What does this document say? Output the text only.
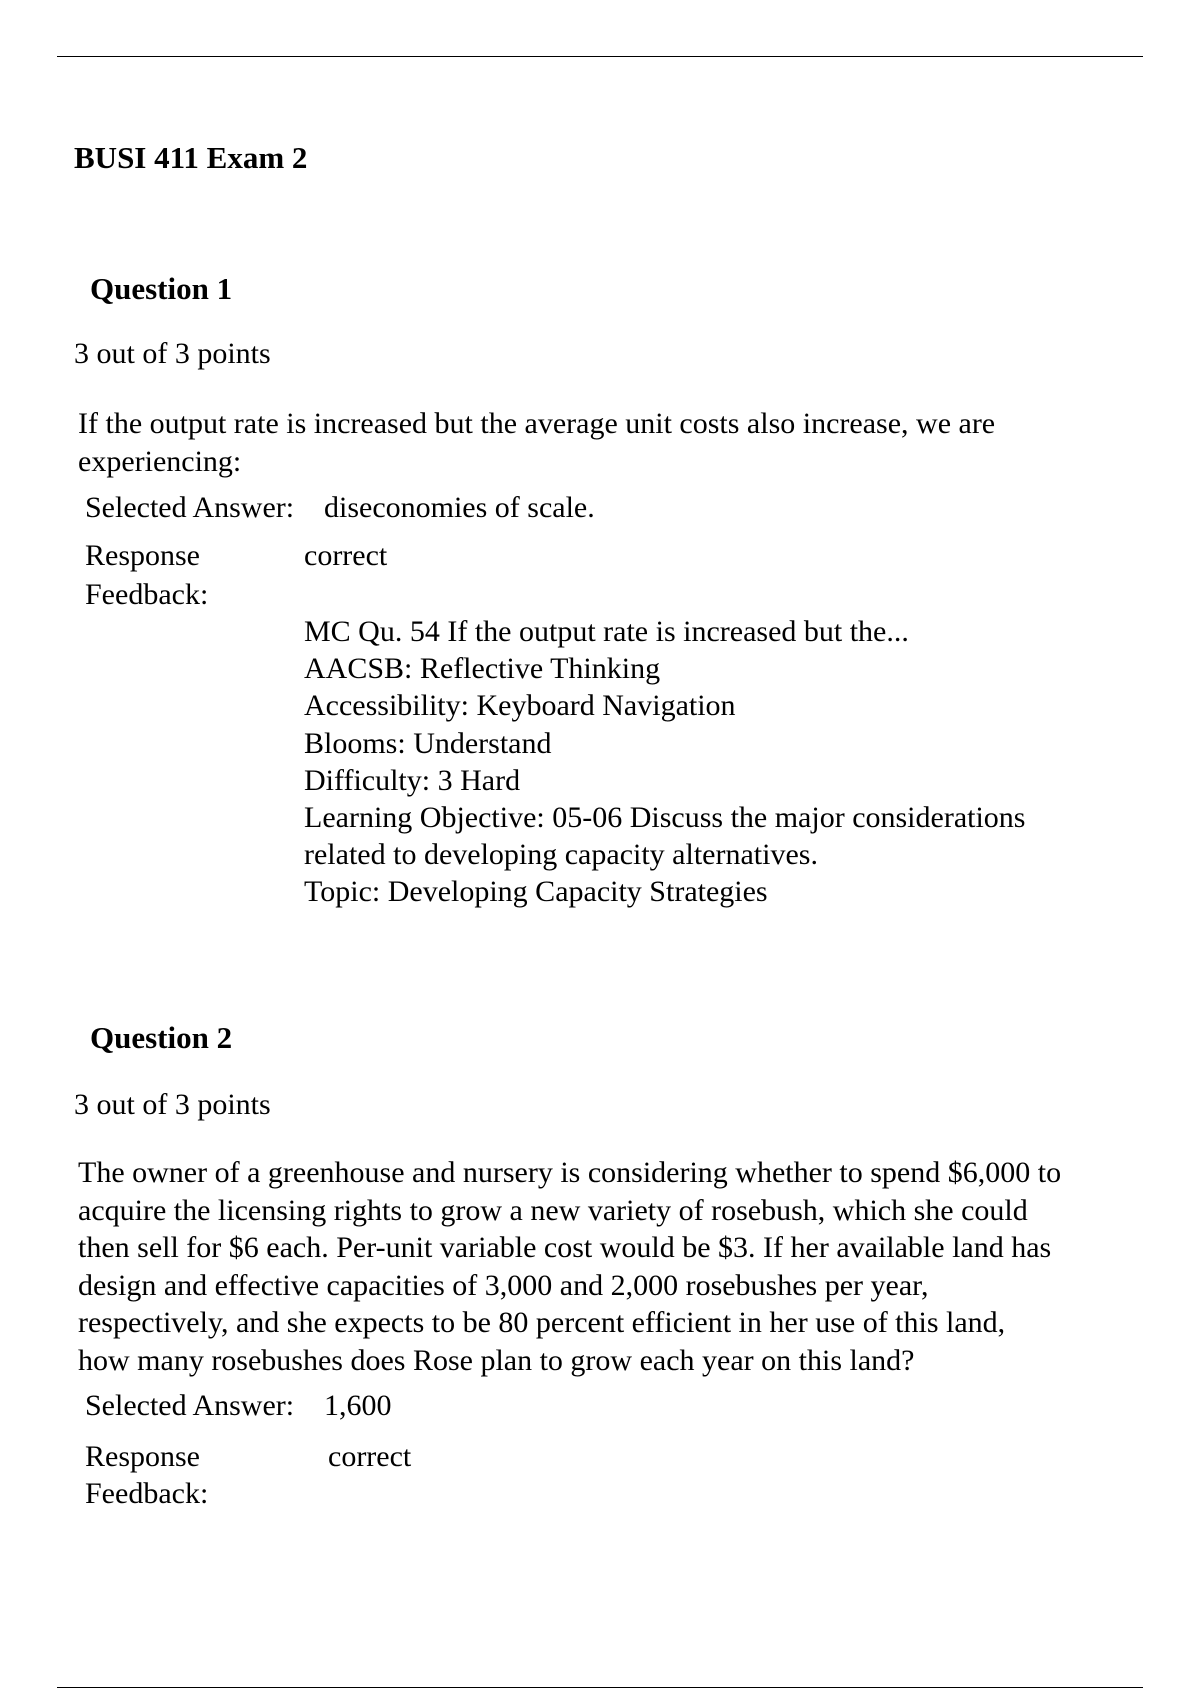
BUSI 411 Exam 2
Question 1
3 out of 3 points
If the output rate is increased but the average unit costs also increase, we are
experiencing:
Selected Answer: diseconomies of scale.
Response
Feedback:
correct
MC Qu. 54 If the output rate is increased but the...
AACSB: Reflective Thinking
Accessibility: Keyboard Navigation
Blooms: Understand
Difficulty: 3 Hard
Learning Objective: 05-06 Discuss the major considerations
related to developing capacity alternatives.
Topic: Developing Capacity Strategies
Question 2
3 out of 3 points
The owner of a greenhouse and nursery is considering whether to spend $6,000 to
acquire the licensing rights to grow a new variety of rosebush, which she could
then sell for $6 each. Per-unit variable cost would be $3. If her available land has
design and effective capacities of 3,000 and 2,000 rosebushes per year,
respectively, and she expects to be 80 percent efficient in her use of this land,
how many rosebushes does Rose plan to grow each year on this land?
Selected Answer: 1,600
Response
Feedback:
correct
